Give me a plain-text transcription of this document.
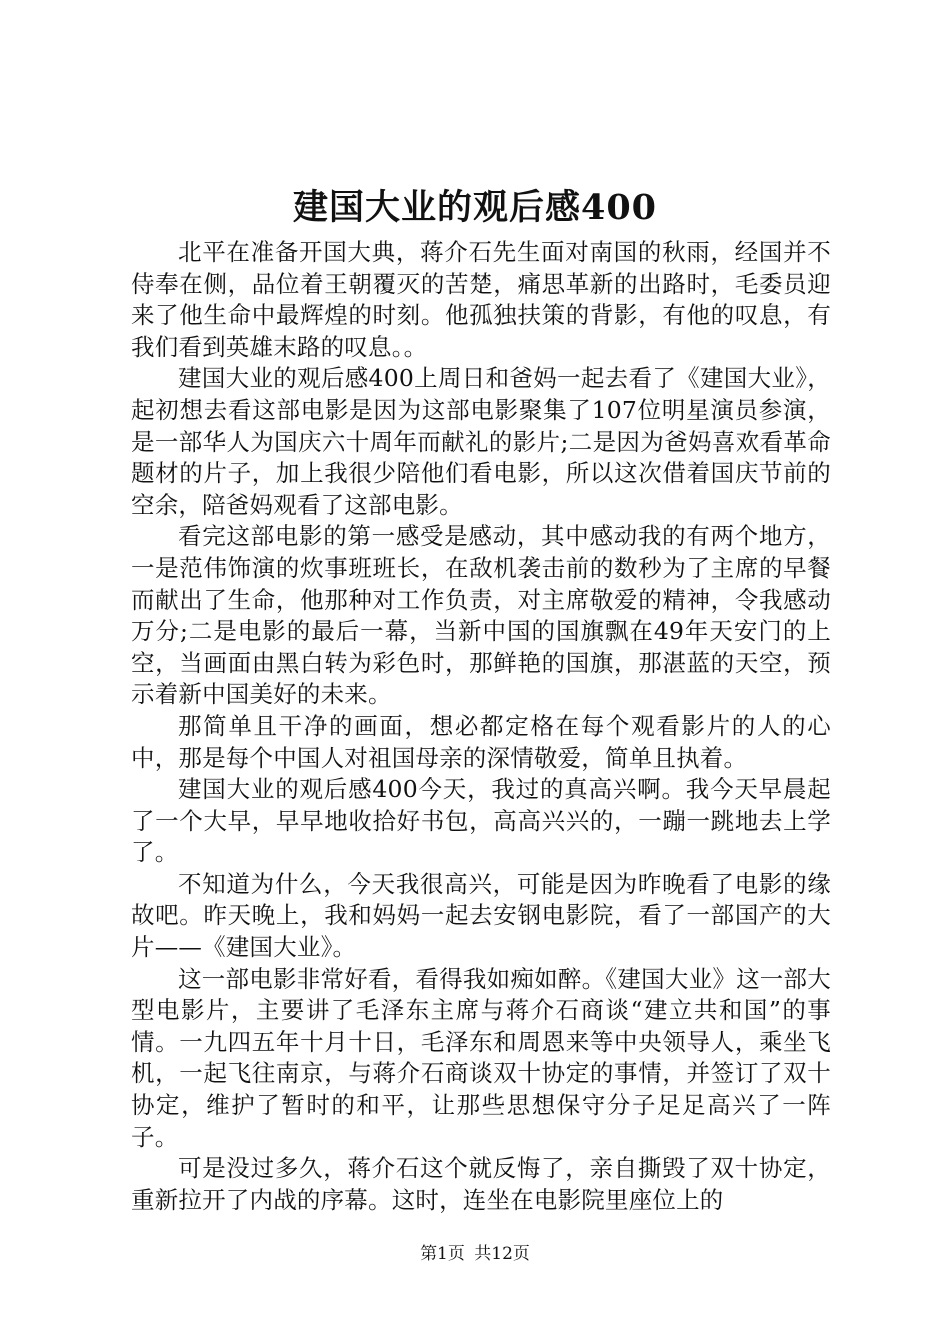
建国大业的观后感400

北平在准备开国大典，蒋介石先生面对南国的秋雨，经国并不侍奉在侧，品位着王朝覆灭的苦楚，痛思革新的出路时，毛委员迎来了他生命中最辉煌的时刻。他孤独扶策的背影，有他的叹息，有我们看到英雄末路的叹息。。

建国大业的观后感400上周日和爸妈一起去看了《建国大业》，起初想去看这部电影是因为这部电影聚集了107位明星演员参演，是一部华人为国庆六十周年而献礼的影片;二是因为爸妈喜欢看革命题材的片子，加上我很少陪他们看电影，所以这次借着国庆节前的空余，陪爸妈观看了这部电影。

看完这部电影的第一感受是感动，其中感动我的有两个地方，一是范伟饰演的炊事班班长，在敌机袭击前的数秒为了主席的早餐而献出了生命，他那种对工作负责，对主席敬爱的精神，令我感动万分;二是电影的最后一幕，当新中国的国旗飘在49年天安门的上空，当画面由黑白转为彩色时，那鲜艳的国旗，那湛蓝的天空，预示着新中国美好的未来。

那简单且干净的画面，想必都定格在每个观看影片的人的心中，那是每个中国人对祖国母亲的深情敬爱，简单且执着。

建国大业的观后感400今天，我过的真高兴啊。我今天早晨起了一个大早，早早地收拾好书包，高高兴兴的，一蹦一跳地去上学了。

不知道为什么，今天我很高兴，可能是因为昨晚看了电影的缘故吧。昨天晚上，我和妈妈一起去安钢电影院，看了一部国产的大片——《建国大业》。

这一部电影非常好看，看得我如痴如醉。《建国大业》这一部大型电影片，主要讲了毛泽东主席与蒋介石商谈“建立共和国”的事情。一九四五年十月十日，毛泽东和周恩来等中央领导人，乘坐飞机，一起飞往南京，与蒋介石商谈双十协定的事情，并签订了双十协定，维护了暂时的和平，让那些思想保守分子足足高兴了一阵子。

可是没过多久，蒋介石这个就反悔了，亲自撕毁了双十协定，重新拉开了内战的序幕。这时，连坐在电影院里座位上的

第1页 共12页
